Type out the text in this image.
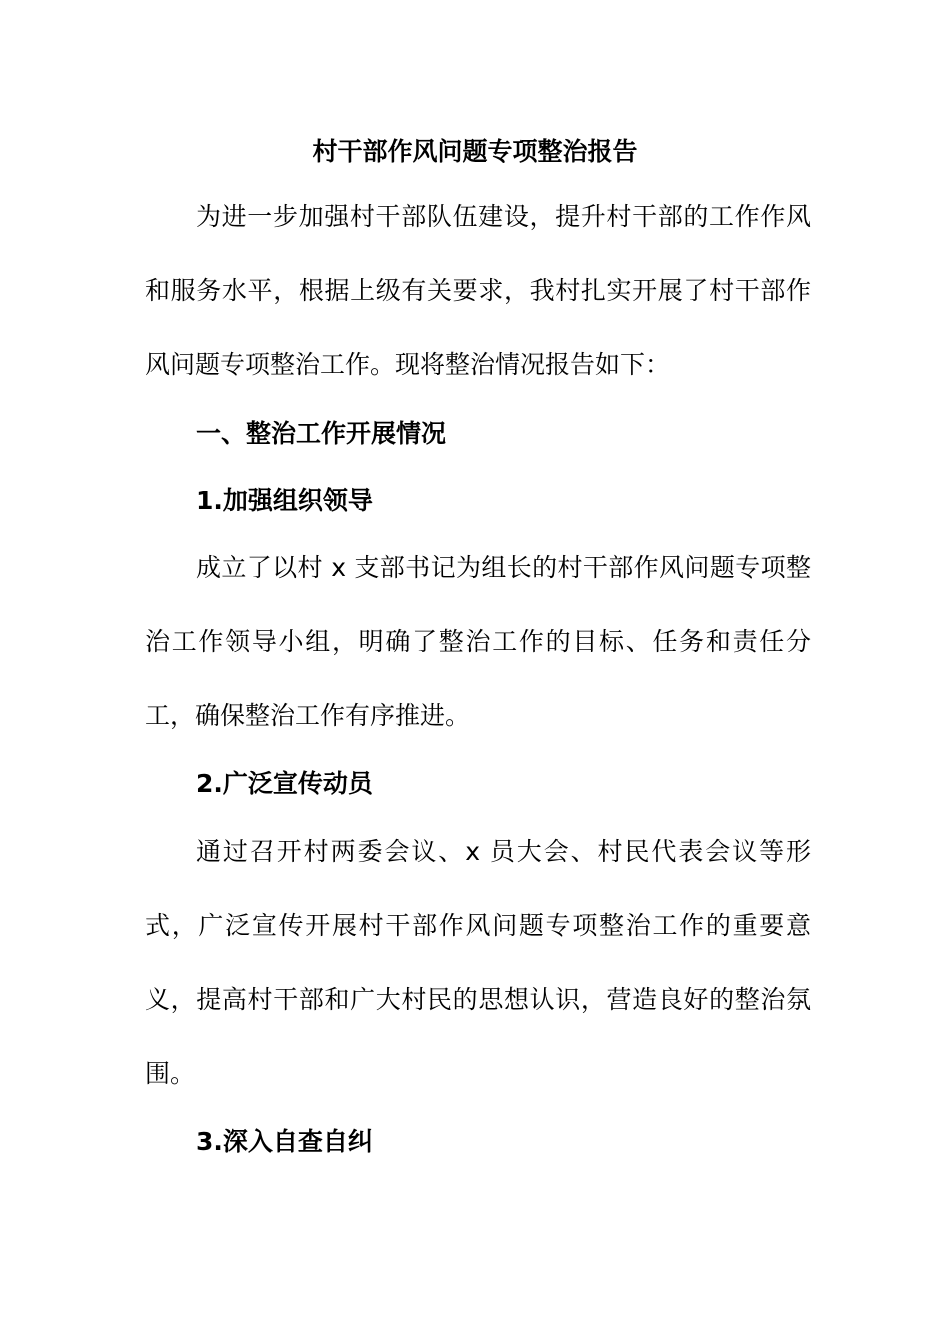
村干部作风问题专项整治报告

为进一步加强村干部队伍建设，提升村干部的工作作风和服务水平，根据上级有关要求，我村扎实开展了村干部作风问题专项整治工作。现将整治情况报告如下：

一、整治工作开展情况
1.加强组织领导

成立了以村 x 支部书记为组长的村干部作风问题专项整治工作领导小组，明确了整治工作的目标、任务和责任分工，确保整治工作有序推进。

2.广泛宣传动员

通过召开村两委会议、x 员大会、村民代表会议等形式，广泛宣传开展村干部作风问题专项整治工作的重要意义，提高村干部和广大村民的思想认识，营造良好的整治氛围。

3.深入自查自纠
